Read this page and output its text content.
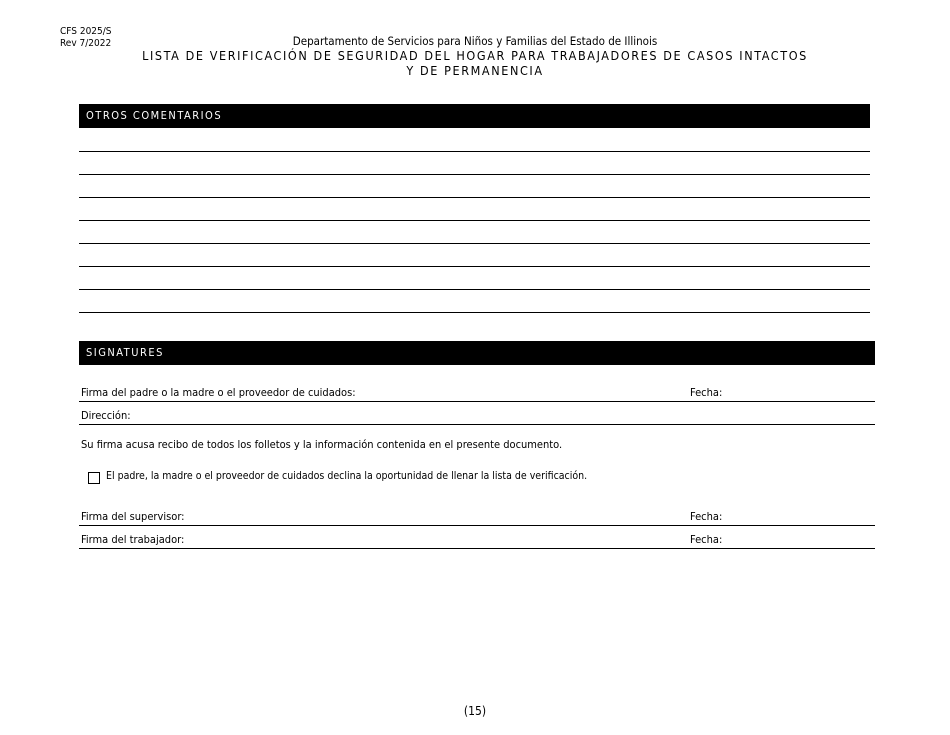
CFS 2025/S
Rev 7/2022	Departamento de Servicios para Niños y Familias del Estado de Illinois
LISTA DE VERIFICACIÓN DE SEGURIDAD DEL HOGAR PARA TRABAJADORES DE CASOS INTACTOS
Y DE PERMANENCIA
OTROS COMENTARIOS
SIGNATURES
Firma del padre o la madre o el proveedor de cuidados:	Fecha:
Dirección:
Su firma acusa recibo de todos los folletos y la información contenida en el presente documento.
El padre, la madre o el proveedor de cuidados declina la oportunidad de llenar la lista de verificación.
Firma del supervisor:	Fecha:
Firma del trabajador:	Fecha:
(15)
